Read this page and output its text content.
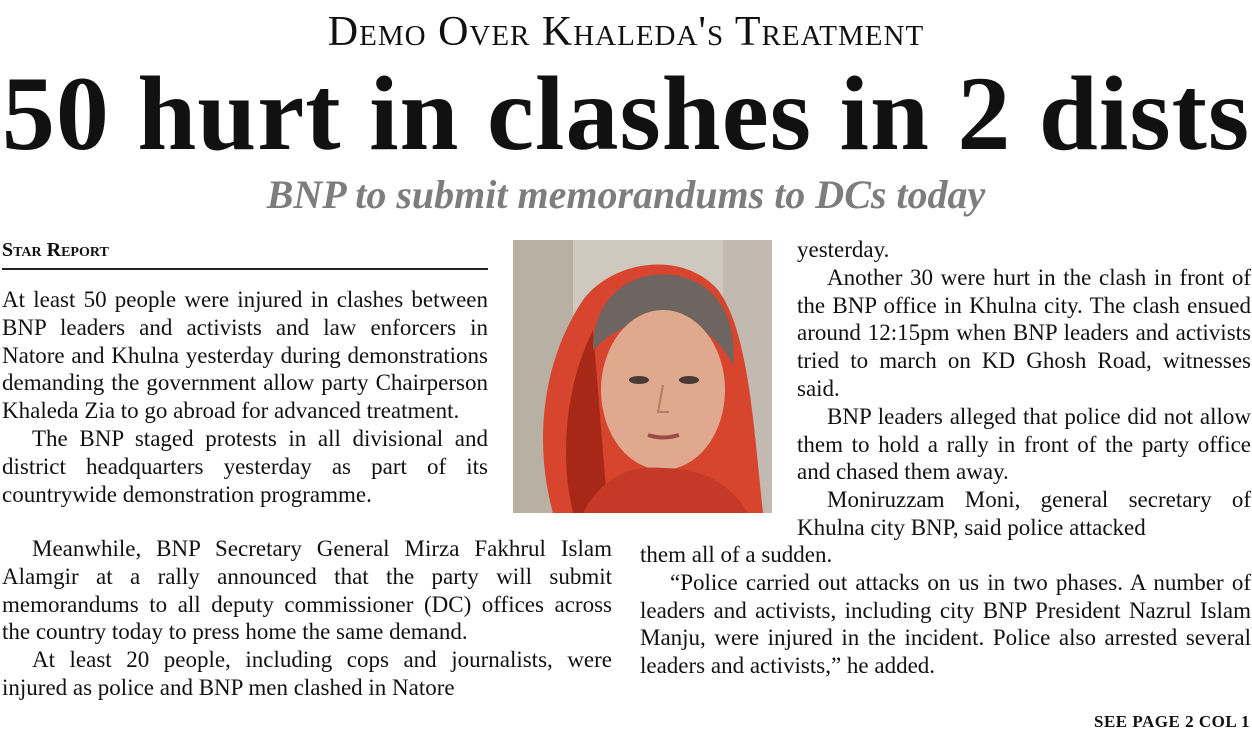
Demo Over Khaleda's Treatment
50 hurt in clashes in 2 dists
BNP to submit memorandums to DCs today
Star Report

At least 50 people were injured in clashes between BNP leaders and activists and law enforcers in Natore and Khulna yesterday during demonstrations demanding the government allow party Chairperson Khaleda Zia to go abroad for advanced treatment.

The BNP staged protests in all divisional and district headquarters yesterday as part of its countrywide demonstration programme.

Meanwhile, BNP Secretary General Mirza Fakhrul Islam Alamgir at a rally announced that the party will submit memorandums to all deputy commissioner (DC) offices across the country today to press home the same demand.

At least 20 people, including cops and journalists, were injured as police and BNP men clashed in Natore

yesterday.

Another 30 were hurt in the clash in front of the BNP office in Khulna city. The clash ensued around 12:15pm when BNP leaders and activists tried to march on KD Ghosh Road, witnesses said.

BNP leaders alleged that police did not allow them to hold a rally in front of the party office and chased them away.

Moniruzzam Moni, general secretary of Khulna city BNP, said police attacked

them all of a sudden.

“Police carried out attacks on us in two phases. A number of leaders and activists, including city BNP President Nazrul Islam Manju, were injured in the incident. Police also arrested several leaders and activists,” he added.

SEE PAGE 2 COL 1
